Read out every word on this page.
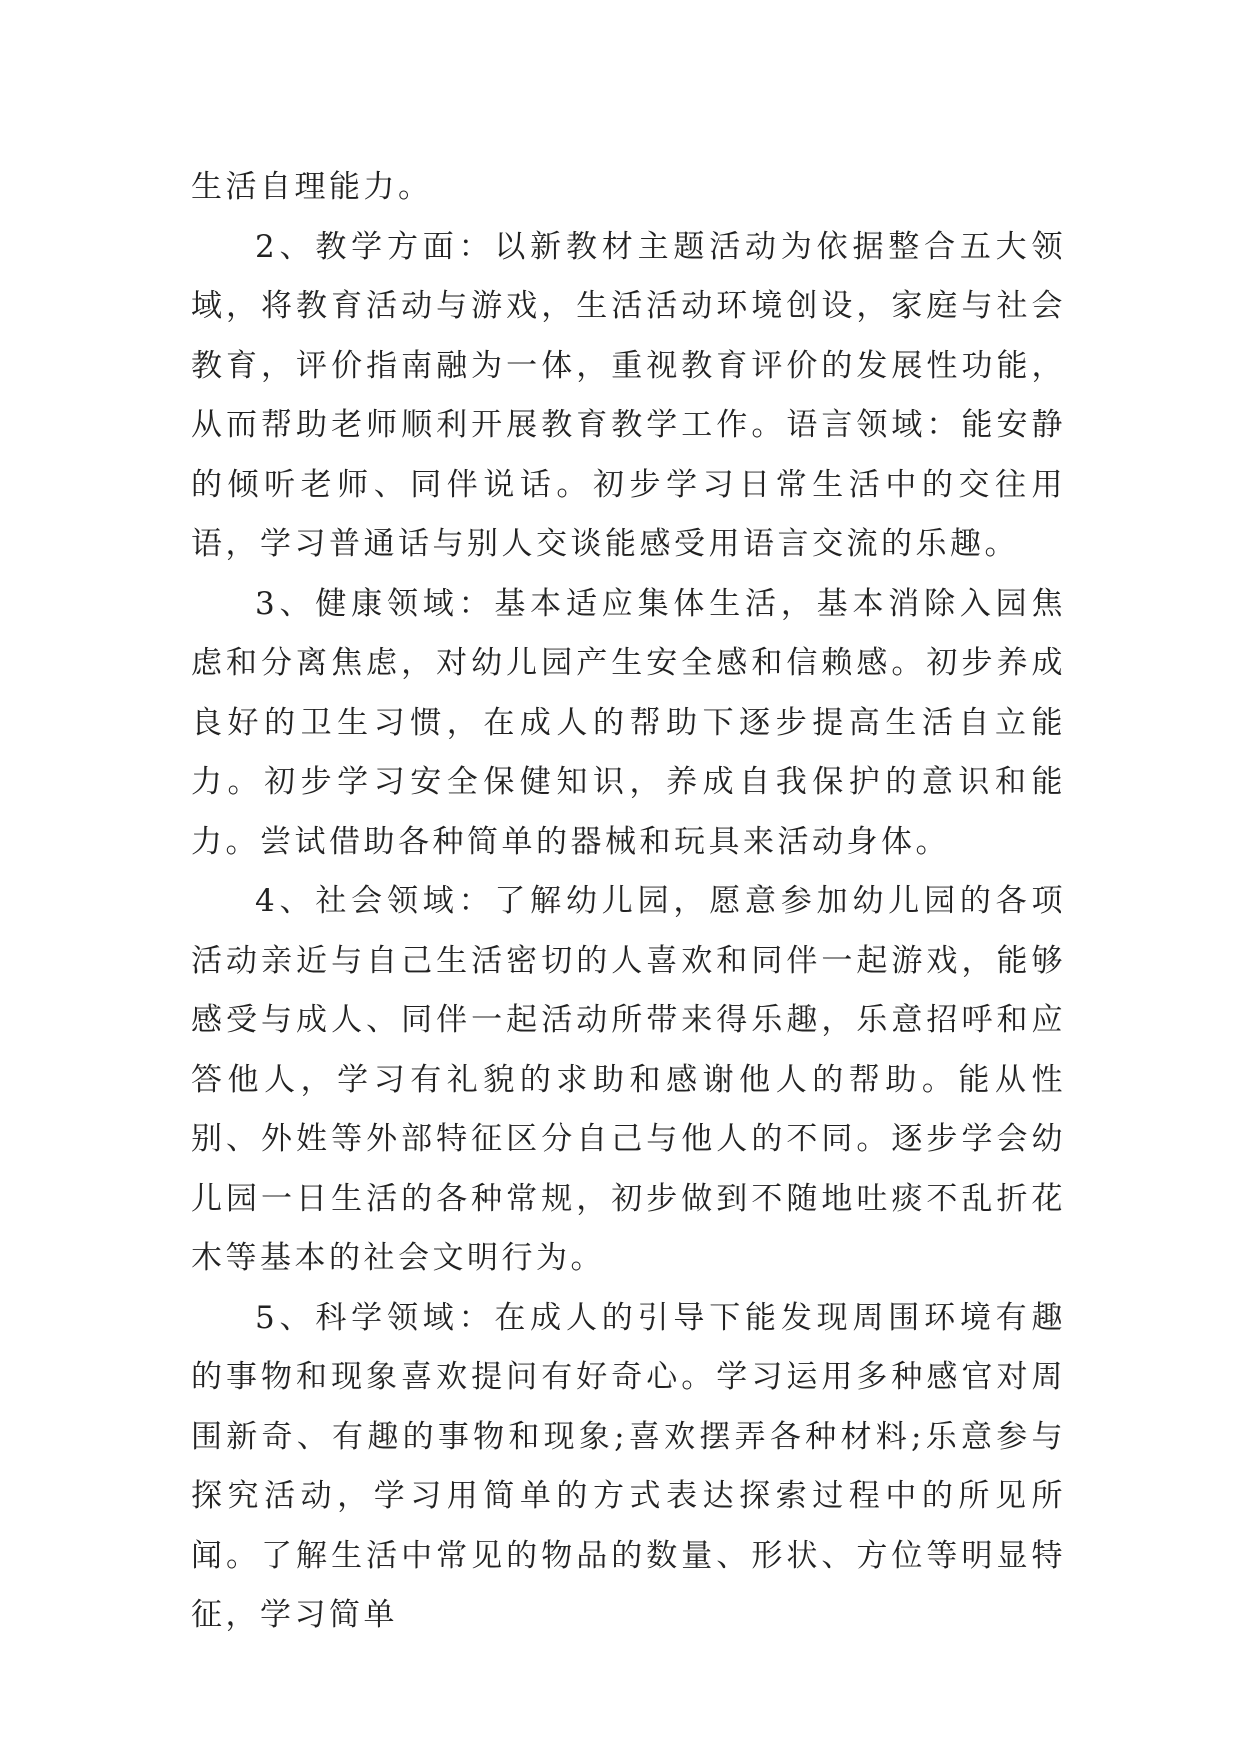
生活自理能力。

2、教学方面：以新教材主题活动为依据整合五大领域，将教育活动与游戏，生活活动环境创设，家庭与社会教育，评价指南融为一体，重视教育评价的发展性功能，从而帮助老师顺利开展教育教学工作。语言领域：能安静的倾听老师、同伴说话。初步学习日常生活中的交往用语，学习普通话与别人交谈能感受用语言交流的乐趣。

3、健康领域：基本适应集体生活，基本消除入园焦虑和分离焦虑，对幼儿园产生安全感和信赖感。初步养成良好的卫生习惯，在成人的帮助下逐步提高生活自立能力。初步学习安全保健知识，养成自我保护的意识和能力。尝试借助各种简单的器械和玩具来活动身体。

4、社会领域：了解幼儿园，愿意参加幼儿园的各项活动亲近与自己生活密切的人喜欢和同伴一起游戏，能够感受与成人、同伴一起活动所带来得乐趣，乐意招呼和应答他人，学习有礼貌的求助和感谢他人的帮助。能从性别、外姓等外部特征区分自己与他人的不同。逐步学会幼儿园一日生活的各种常规，初步做到不随地吐痰不乱折花木等基本的社会文明行为。

5、科学领域：在成人的引导下能发现周围环境有趣的事物和现象喜欢提问有好奇心。学习运用多种感官对周围新奇、有趣的事物和现象;喜欢摆弄各种材料;乐意参与探究活动，学习用简单的方式表达探索过程中的所见所闻。了解生活中常见的物品的数量、形状、方位等明显特征，学习简单
